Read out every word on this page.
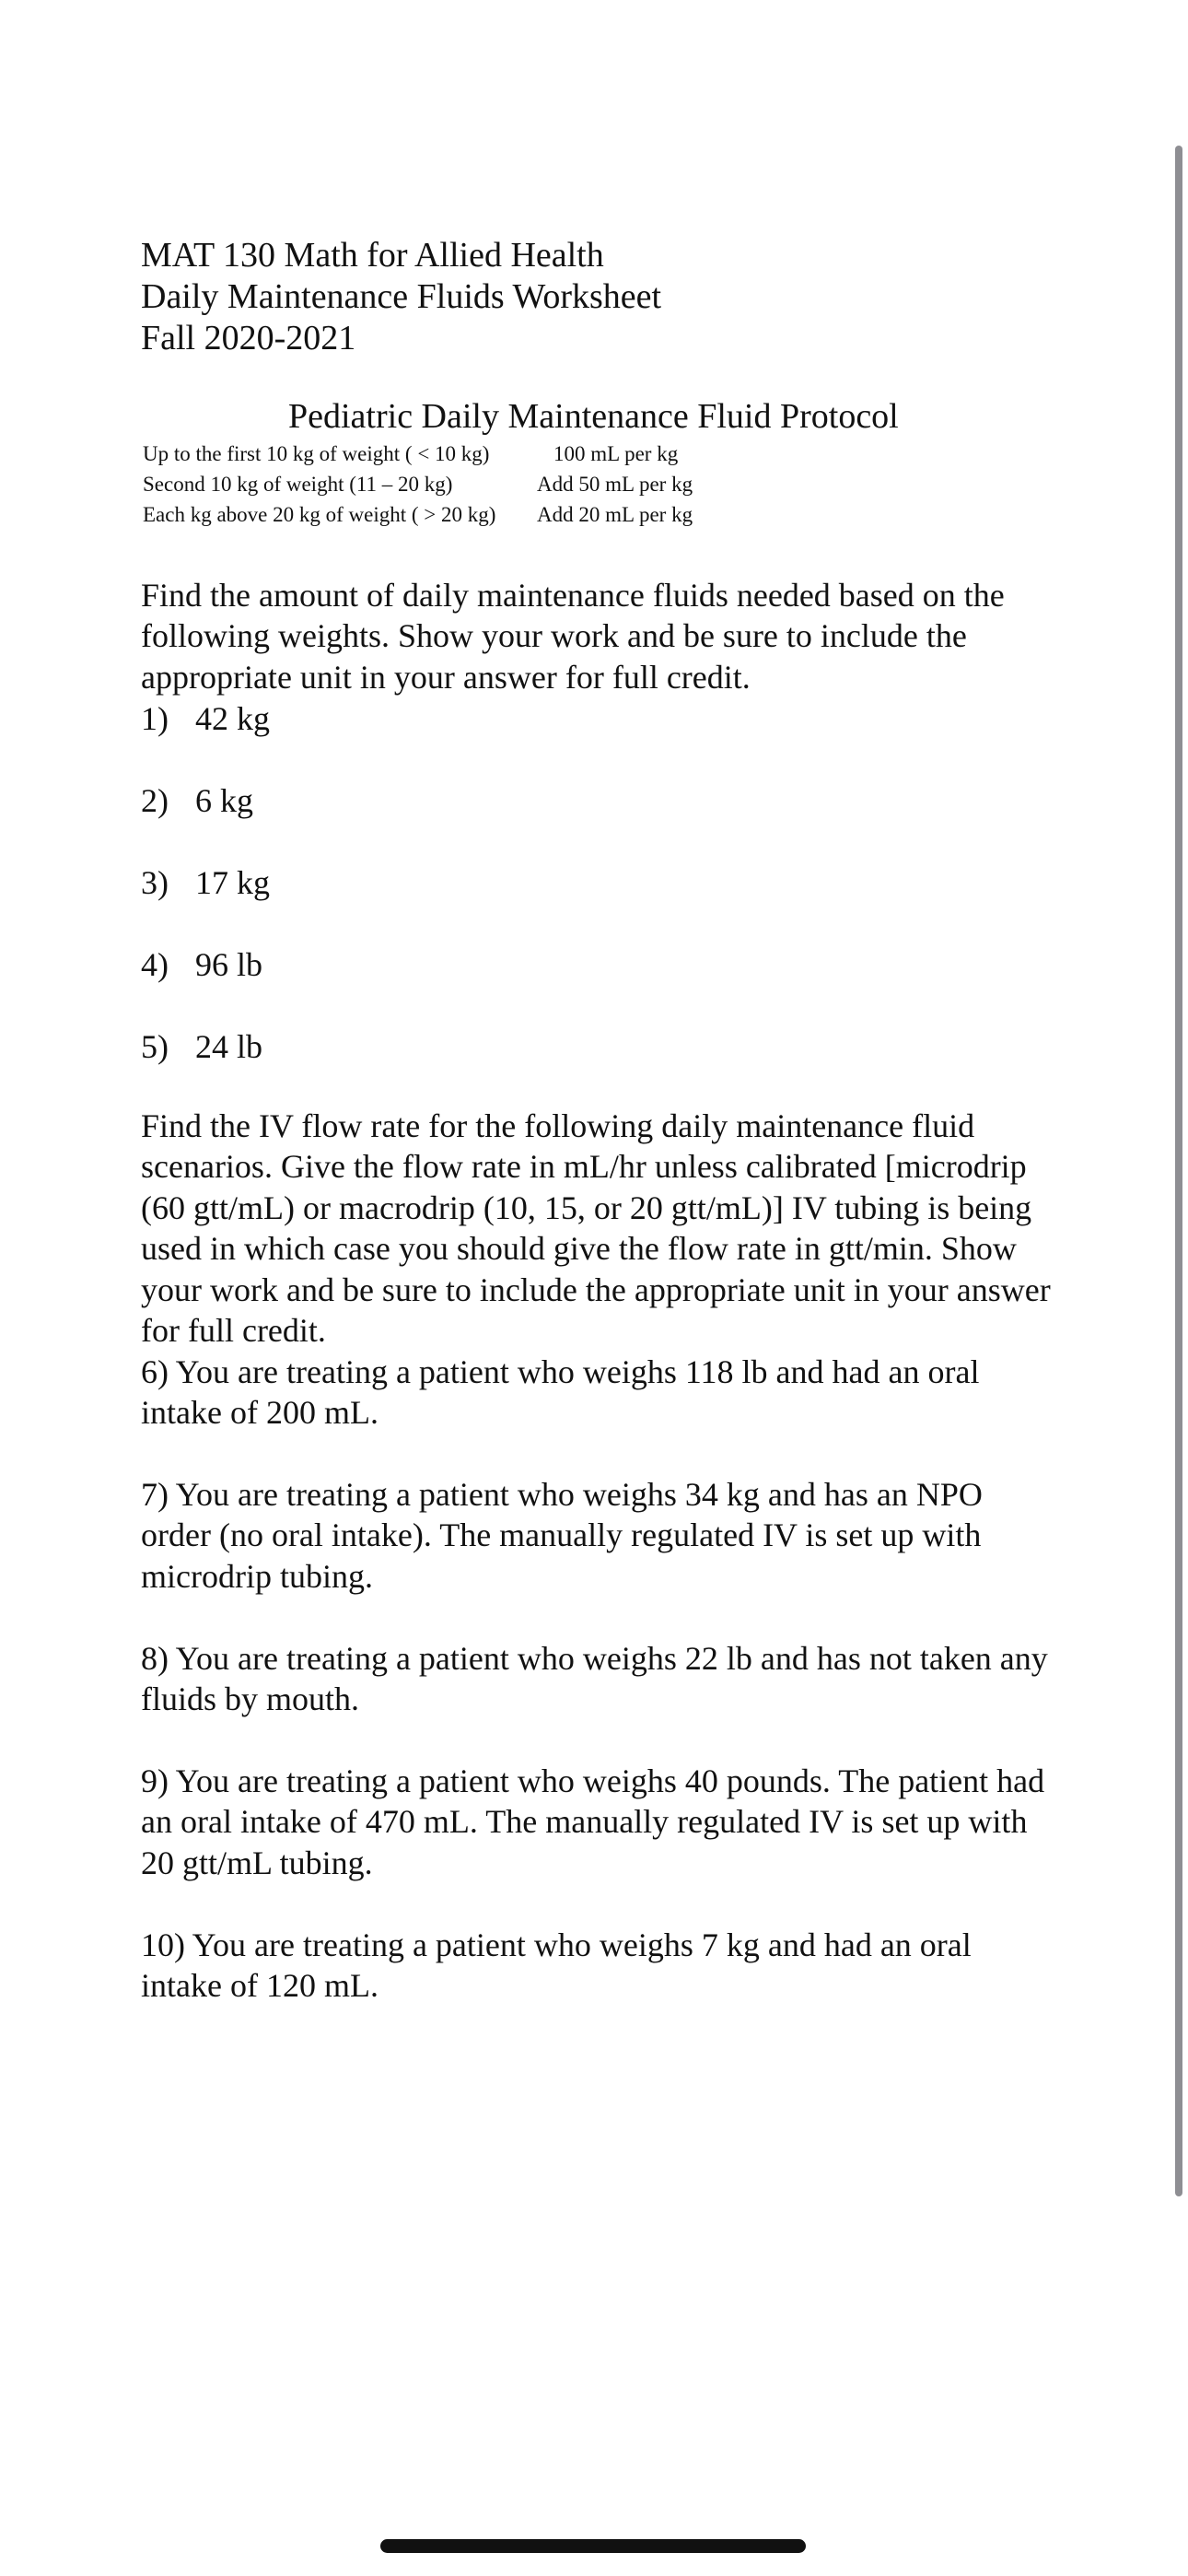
MAT 130 Math for Allied Health
Daily Maintenance Fluids Worksheet
Fall 2020-2021
Pediatric Daily Maintenance Fluid Protocol
Up to the first 10 kg of weight ( < 10 kg)	100 mL per kg
Second 10 kg of weight (11 – 20 kg)	Add 50 mL per kg
Each kg above 20 kg of weight ( > 20 kg) Add 20 mL per kg
Find the amount of daily maintenance fluids needed based on the following weights. Show your work and be sure to include the appropriate unit in your answer for full credit.
1) 42 kg
2) 6 kg
3) 17 kg
4) 96 lb
5) 24 lb
Find the IV flow rate for the following daily maintenance fluid scenarios. Give the flow rate in mL/hr unless calibrated [microdrip (60 gtt/mL) or macrodrip (10, 15, or 20 gtt/mL)] IV tubing is being used in which case you should give the flow rate in gtt/min. Show your work and be sure to include the appropriate unit in your answer for full credit.
6) You are treating a patient who weighs 118 lb and had an oral intake of 200 mL.
7) You are treating a patient who weighs 34 kg and has an NPO order (no oral intake). The manually regulated IV is set up with microdrip tubing.
8) You are treating a patient who weighs 22 lb and has not taken any fluids by mouth.
9) You are treating a patient who weighs 40 pounds. The patient had an oral intake of 470 mL. The manually regulated IV is set up with 20 gtt/mL tubing.
10) You are treating a patient who weighs 7 kg and had an oral intake of 120 mL.
